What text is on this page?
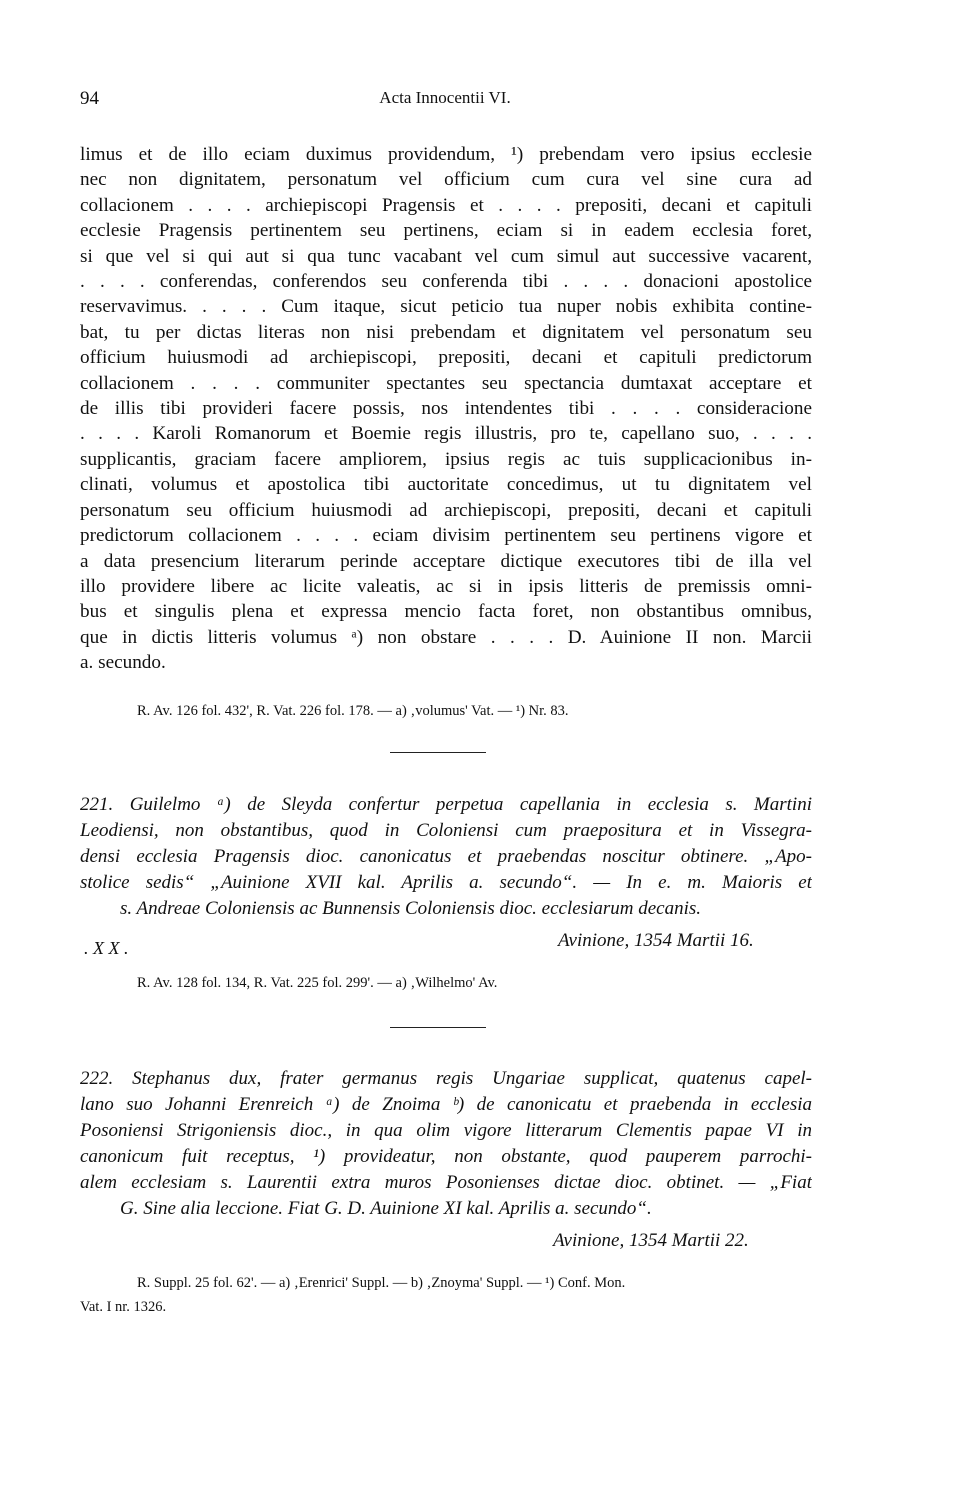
94	Acta Innocentii VI.
limus et de illo eciam duximus providendum, ¹) prebendam vero ipsius ecclesie
nec non dignitatem, personatum vel officium cum cura vel sine cura ad
collacionem . . . . archiepiscopi Pragensis et . . . . prepositi, decani et capituli
ecclesie Pragensis pertinentem seu pertinens, eciam si in eadem ecclesia foret,
si que vel si qui aut si qua tunc vacabant vel cum simul aut successive vacarent,
. . . . conferendas, conferendos seu conferenda tibi . . . . donacioni apostolice
reservavimus. . . . . Cum itaque, sicut peticio tua nuper nobis exhibita contine-
bat, tu per dictas literas non nisi prebendam et dignitatem vel personatum seu
officium huiusmodi ad archiepiscopi, prepositi, decani et capituli predictorum
collacionem . . . . communiter spectantes seu spectancia dumtaxat acceptare et
de illis tibi provideri facere possis, nos intendentes tibi . . . . consideracione
. . . . Karoli Romanorum et Boemie regis illustris, pro te, capellano suo, . . . .
supplicantis, graciam facere ampliorem, ipsius regis ac tuis supplicacionibus in-
clinati, volumus et apostolica tibi auctoritate concedimus, ut tu dignitatem vel
personatum seu officium huiusmodi ad archiepiscopi, prepositi, decani et capituli
predictorum collacionem . . . . eciam divisim pertinentem seu pertinens vigore et
a data presencium literarum perinde acceptare dictique executores tibi de illa vel
illo providere libere ac licite valeatis, ac si in ipsis litteris de premissis omni-
bus et singulis plena et expressa mencio facta foret, non obstantibus omnibus,
que in dictis litteris volumus ᵃ) non obstare . . . . D. Auinione II non. Marcii
a. secundo.
R. Av. 126 fol. 432', R. Vat. 226 fol. 178. — a) ‚volumus' Vat. — ¹) Nr. 83.
221. Guilelmo ᵃ) de Sleyda confertur perpetua capellania in ecclesia s. Martini
Leodiensi, non obstantibus, quod in Coloniensi cum praepositura et in Vissegra-
densi ecclesia Pragensis dioc. canonicatus et praebendas noscitur obtinere. „Apo-
stolice sedis“ „Auinione XVII kal. Aprilis a. secundo“. — In e. m. Maioris et
s. Andreae Coloniensis ac Bunnensis Coloniensis dioc. ecclesiarum decanis.
. X X .	Avinione, 1354 Martii 16.
R. Av. 128 fol. 134, R. Vat. 225 fol. 299'. — a) ‚Wilhelmo' Av.
222. Stephanus dux, frater germanus regis Ungariae supplicat, quatenus capel-
lano suo Johanni Erenreich ᵃ) de Znoima ᵇ) de canonicatu et praebenda in ecclesia
Posoniensi Strigoniensis dioc., in qua olim vigore litterarum Clementis papae VI in
canonicum fuit receptus, ¹) provideatur, non obstante, quod pauperem parrochi-
alem ecclesiam s. Laurentii extra muros Posonienses dictae dioc. obtinet. — „Fiat
G. Sine alia leccione. Fiat G. D. Auinione XI kal. Aprilis a. secundo“.
Avinione, 1354 Martii 22.
R. Suppl. 25 fol. 62'. — a) ‚Erenrici' Suppl. — b) ‚Znoyma' Suppl. — ¹) Conf. Mon.
Vat. I nr. 1326.
